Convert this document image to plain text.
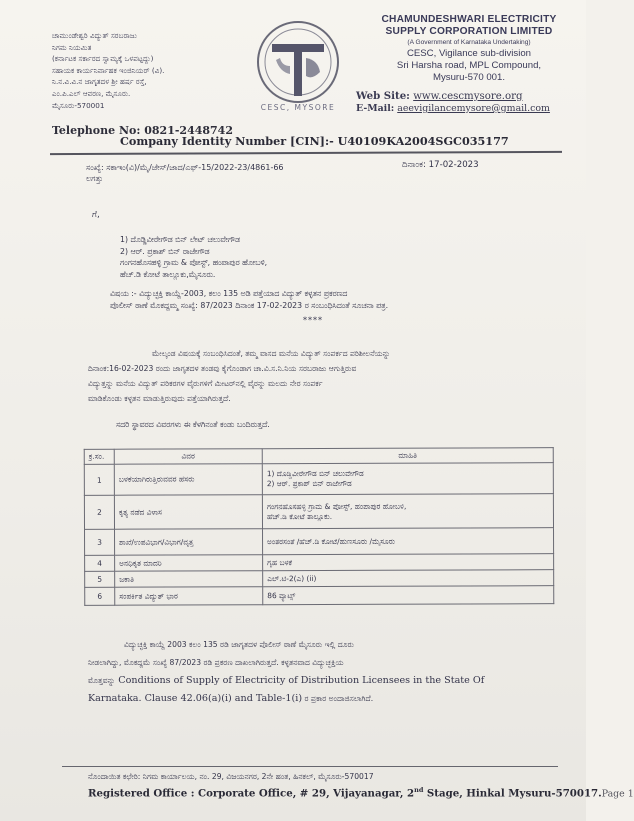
ಚಾಮುಂಡೇಶ್ವರಿ ವಿದ್ಯುತ್ ಸರಬರಾಜು
ನಿಗಮ ನಿಯಮಿತ
(ಕರ್ನಾಟಕ ಸರ್ಕಾರದ ಸ್ವಾಮ್ಯಕ್ಕೆ ಒಳಪಟ್ಟದ್ದು)
ಸಹಾಯಕ ಕಾರ್ಯನಿರ್ವಾಹಕ ಇಂಜಿನಿಯರ್ (ವಿ).
ನಿ.ನ.ವಿ.ವಿ.ನ ಜಾಗೃತದಳ ಶ್ರೀ ಹರ್ಷ ರಸ್ತೆ,
ಎಂ.ಪಿ.ಎಲ್ ಆವರಣ, ಮೈಸೂರು.
ಮೈಸೂರು-570001	CESC, MYSORE
CHAMUNDESHWARI ELECTRICITY
SUPPLY CORPORATION LIMITED
(A Government of Karnataka Undertaking)
CESC, Vigilance sub-division
Sri Harsha road, MPL Compound,
Mysuru-570 001.
Web Site: www.cescmysore.org
E-Mail: aeevigilancemysore@gmail.com
Telephone No: 0821-2448742
Company Identity Number [CIN]:- U40109KA2004SGC035177
ಸಂಖ್ಯೆ: ಸಕಾಇಂ(ವಿ)/ಮೈ/ಜೇಸ್/ಜಾದ/ಎಫ್-15/2022-23/4861-66	ದಿನಾಂಕ: 17-02-2023
ಲಗತ್ತು
ಗೆ,
1) ದೊಡ್ಡಿವೀರೇಗೌಡ ಬಿನ್ ಲೇಟ್ ಚಲುವೇಗೌಡ
2) ಆರ್. ಪ್ರಕಾಶ್ ಬಿನ್ ರಾಜೇಗೌಡ
ಗಂಗನಹೊಸಹಳ್ಳಿ ಗ್ರಾಮ & ಪೋಸ್ಟ್, ಹಂಪಾಪುರ ಹೋಬಳಿ,
ಹೆಚ್.ಡಿ ಕೋಟೆ ತಾಲ್ಲೂಕು,ಮೈಸೂರು.
ವಿಷಯ :- ವಿದ್ಯುಚ್ಛಕ್ತಿ ಕಾಯ್ದೆ-2003, ಕಲಂ 135 ಅಡಿ ಪತ್ತೆಯಾದ ವಿದ್ಯುತ್ ಕಳ್ಳತನ ಪ್ರಕರಣದ
ಪೊಲೀಸ್ ಠಾಣೆ ಮೊಕದ್ದಮ್ಮ ಸಂಖ್ಯೆ: 87/2023 ದಿನಾಂಕ 17-02-2023 ರ ಸಂಬಂಧಿಸಿದಂತೆ ಸೂಚನಾ ಪತ್ರ.
****
ಮೇಲ್ಕಂಡ ವಿಷಯಕ್ಕೆ ಸಂಬಂಧಿಸಿದಂತೆ, ತಮ್ಮ ವಾಸದ ಮನೆಯ ವಿದ್ಯುತ್ ಸಂಪರ್ಕದ ಪರಿಶೀಲನೆಯನ್ನು
ದಿನಾಂಕ:16-02-2023 ರಂದು ಜಾಗೃತದಳ ತಂಡವು ಕೈಗೊಂಡಾಗ ಚಾ.ವಿ.ಸ.ನಿ.ನಿಯ ಸರಬರಾಜು ಆಗುತ್ತಿರುವ
ವಿದ್ಯುತ್ತನ್ನು ಮನೆಯ ವಿದ್ಯುತ್ ಪರಿಕರಗಳ ವೈರುಗಳಿಗೆ ಮೀಟರ್‌ನಲ್ಲಿ ವೈರನ್ನು ಮಲದು ನೇರ ಸಂಪರ್ಕ
ಮಾಡಿಕೊಂಡು ಕಳ್ಳತನ ಮಾಡುತ್ತಿರುವುದು ಪತ್ತೆಯಾಗಿರುತ್ತದೆ.
ಸದರಿ ಸ್ಥಾವರದ ವಿವರಗಳು ಈ ಕೆಳಗಿನಂತೆ ಕಂಡು ಬಂದಿರುತ್ತದೆ.
ಕ್ರ.ಸಂ.	ವಿವರ	ಮಾಹಿತಿ
1	ಬಳಕೆಯಾಗಿರುತ್ತಿರುವವರ ಹೆಸರು	1) ದೊಡ್ಡಿವೀರೇಗೌಡ ಬಿನ್ ಚಲುವೇಗೌಡ
2) ಆರ್. ಪ್ರಕಾಶ್ ಬಿನ್ ರಾಜೇಗೌಡ
2	ಕೃತ್ಯ ನಡೆದ ವಿಳಾಸ	ಗಂಗನಹೊಸಹಳ್ಳಿ ಗ್ರಾಮ & ಪೋಸ್ಟ್, ಹಂಪಾಪುರ ಹೋಬಳಿ,
ಹೆಚ್.ಡಿ ಕೋಟೆ ತಾಲ್ಲೂಕು.
3	ಶಾಖೆ/ಉಪವಿಭಾಗ/ವಿಭಾಗ/ವೃತ್ತ	ಅಂತರಸಂತೆ /ಹೆಚ್.ಡಿ ಕೋಟೆ/ಹುಣಸೂರು /ಮೈಸೂರು
4	ಅನಧಿಕೃತ ಮಾದರಿ	ಗೃಹ ಬಳಕೆ
5	ಜಕಾತಿ	ಎಲ್.ಟಿ-2(ಎ) (ii)
6	ಸಂಪರ್ಕಿತ ವಿದ್ಯುತ್ ಭಾರ	86 ವ್ಯಾಟ್ಸ್
ವಿದ್ಯುಚ್ಛಕ್ತಿ ಕಾಯ್ದೆ 2003 ಕಲಂ 135 ರಡಿ ಜಾಗೃತದಳ ಪೊಲೀಸ್ ಠಾಣೆ ಮೈಸೂರು ಇಲ್ಲಿ ದೂರು
ನೀಡಲಾಗಿದ್ದು, ಮೊಕದ್ದಮೆ ಸಂಖ್ಯೆ 87/2023 ರಡಿ ಪ್ರಕರಣ ದಾಖಲಾಗಿರುತ್ತದೆ. ಕಳ್ಳತನವಾದ ವಿದ್ಯುಚ್ಛಕ್ತಿಯ
ಮೊತ್ತವನ್ನು Conditions of Supply of Electricity of Distribution Licensees in the State Of
Karnataka. Clause 42.06(a)(i) and Table-1(i) ರ ಪ್ರಕಾರ ಅಂದಾಜಿಸಲಾಗಿದೆ.
ನೊಂದಾಯಿತ ಕಛೇರಿ: ನಿಗಮ ಕಾರ್ಯಾಲಯ, ನಂ. 29, ವಿಜಯನಗರ, 2ನೇ ಹಂತ, ಹಿನಕಲ್, ಮೈಸೂರು-570017
Registered Office : Corporate Office, # 29, Vijayanagar, 2nd Stage, Hinkal Mysuru-570017.Page 1
